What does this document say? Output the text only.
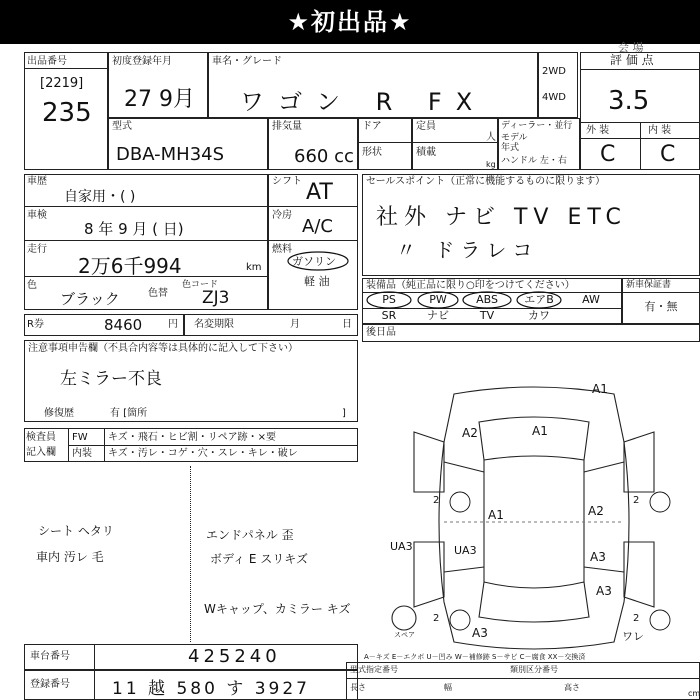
★初出品★
会 場
出品番号
[2219]
235
初度登録年月
27 9月
車名・グレード
ワゴン R FX
2WD
4WD
評 価 点
3.5
外 装	内 装
C C
型式
DBA-MH34S
排気量
660 cc
ドア
形状
定員
人
積載
kg
ディーラー・並行
モデル
年式
ハンドル 左・右
車歴
自家用・( )
シフト AT
車検
8 年 9 月 ( 日)
冷房
A/C
走行
2万6千994	km
燃料
ガソリン
軽 油
色
ブラック	色替
色コード
ZJ3
R券	8460	円 名変期限	月	日
注意事項申告欄（不具合内容等は具体的に記入して下さい）
左ミラー不良
修復歴	有 [箇所	]
セールスポイント（正常に機能するものに限ります）
社外 ナビ TV ETC
〃 ドラレコ
装備品（純正品に限り○印をつけてください）
PS	PW	ABS	エアB	AW
SR	ナビ	TV	カワ
新車保証書
有・無
後日品
検査員
記入欄
FW キズ・飛石・ヒビ割・リペア跡・×要
内装 キズ・汚レ・コゲ・穴・スレ・キレ・破レ
シート ヘタリ
車内 汚レ 毛
エンドパネル 歪
ボディ E スリキズ
Wキャップ、カミラー キズ
A1
A1
A1
A2
A2
A3
A3
A3
UA3	UA3
ワレ
2	2
2	2
スペア
A－キズ E－エクボ U－凹み W－補修跡 S－サビ C－腐食 XX－交換済
車台番号	425240
登録番号 11 越 580 す 3927
型式指定番号	類別区分番号
長さ	幅	高さ
cm
